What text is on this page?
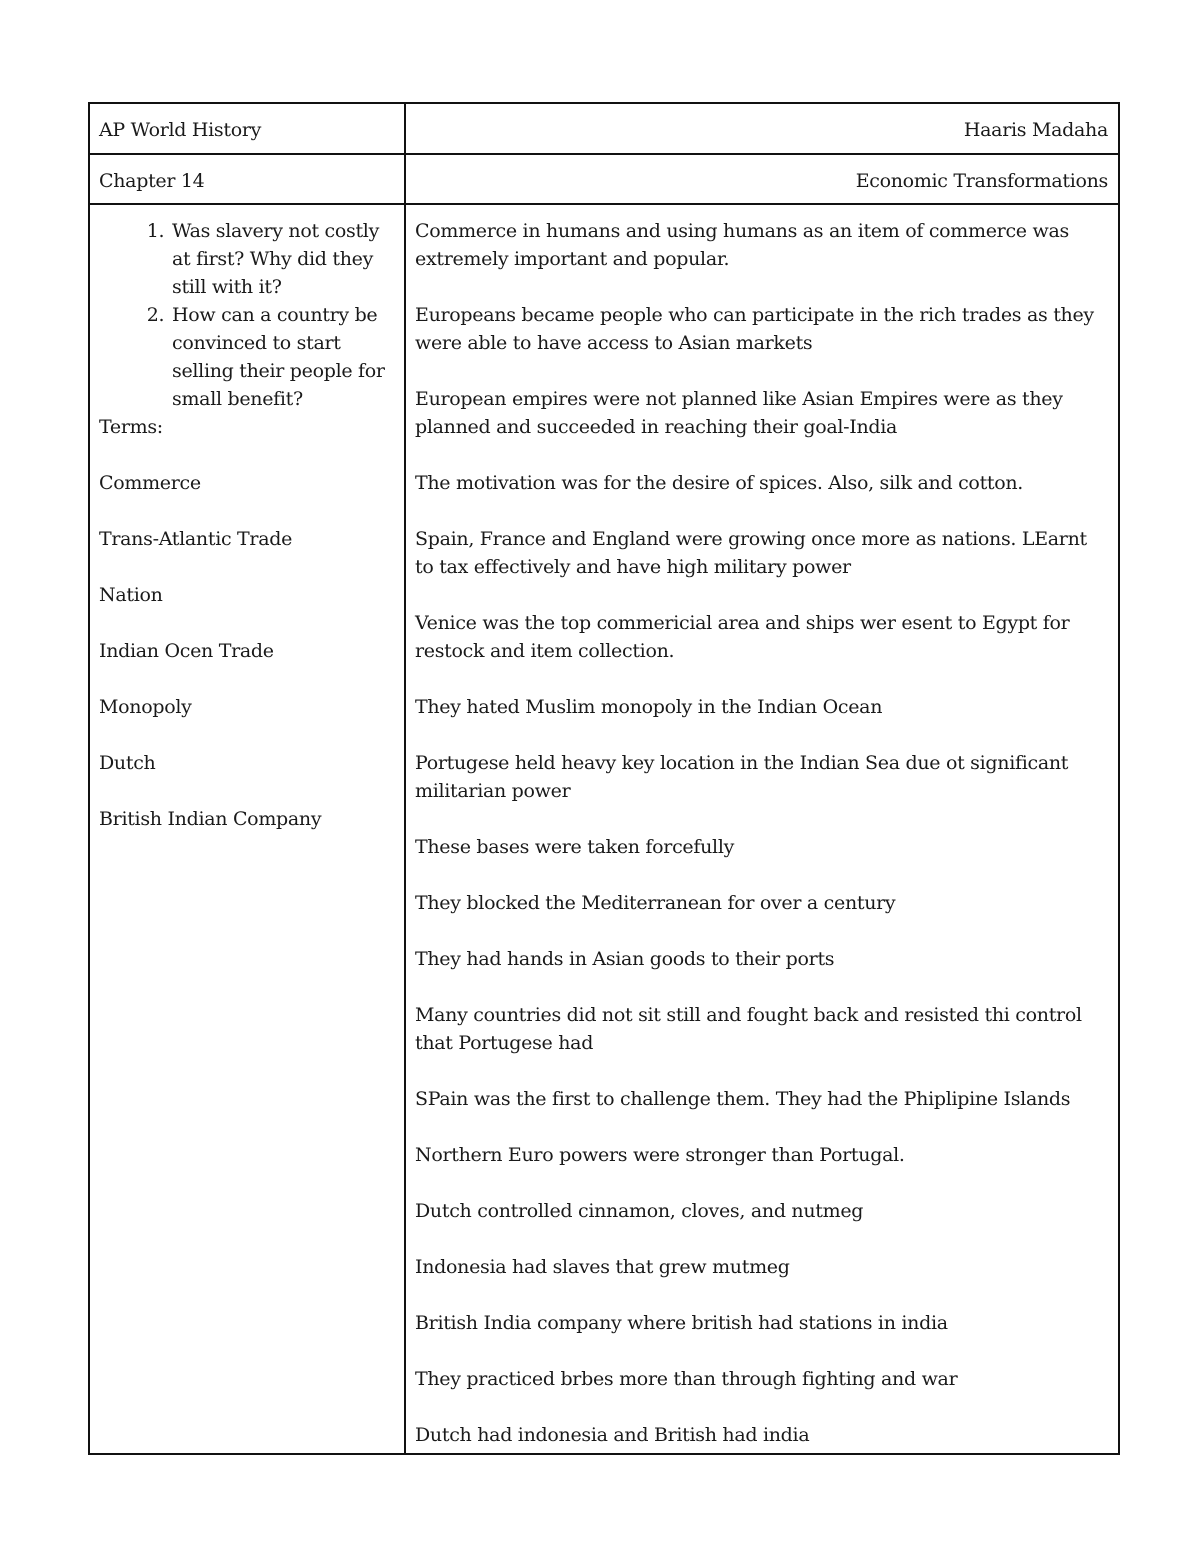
AP World History	Haaris Madaha
Chapter 14	Economic Transformations
1. Was slavery not costly at first? Why did they still with it?
2. How can a country be convinced to start selling their people for small benefit?

Terms:

Commerce

Trans-Atlantic Trade

Nation

Indian Ocen Trade

Monopoly

Dutch

British Indian Company

Commerce in humans and using humans as an item of commerce was extremely important and popular.

Europeans became people who can participate in the rich trades as they were able to have access to Asian markets

European empires were not planned like Asian Empires were as they planned and succeeded in reaching their goal-India

The motivation was for the desire of spices. Also, silk and cotton.

Spain, France and England were growing once more as nations. LEarnt to tax effectively and have high military power

Venice was the top commericial area and ships wer esent to Egypt for restock and item collection.

They hated Muslim monopoly in the Indian Ocean

Portugese held heavy key location in the Indian Sea due ot significant militarian power

These bases were taken forcefully

They blocked the Mediterranean for over a century

They had hands in Asian goods to their ports

Many countries did not sit still and fought back and resisted thi control that Portugese had

SPain was the first to challenge them. They had the Phiplipine Islands

Northern Euro powers were stronger than Portugal.

Dutch controlled cinnamon, cloves, and nutmeg

Indonesia had slaves that grew mutmeg

British India company where british had stations in india

They practiced brbes more than through fighting and war

Dutch had indonesia and British had india
